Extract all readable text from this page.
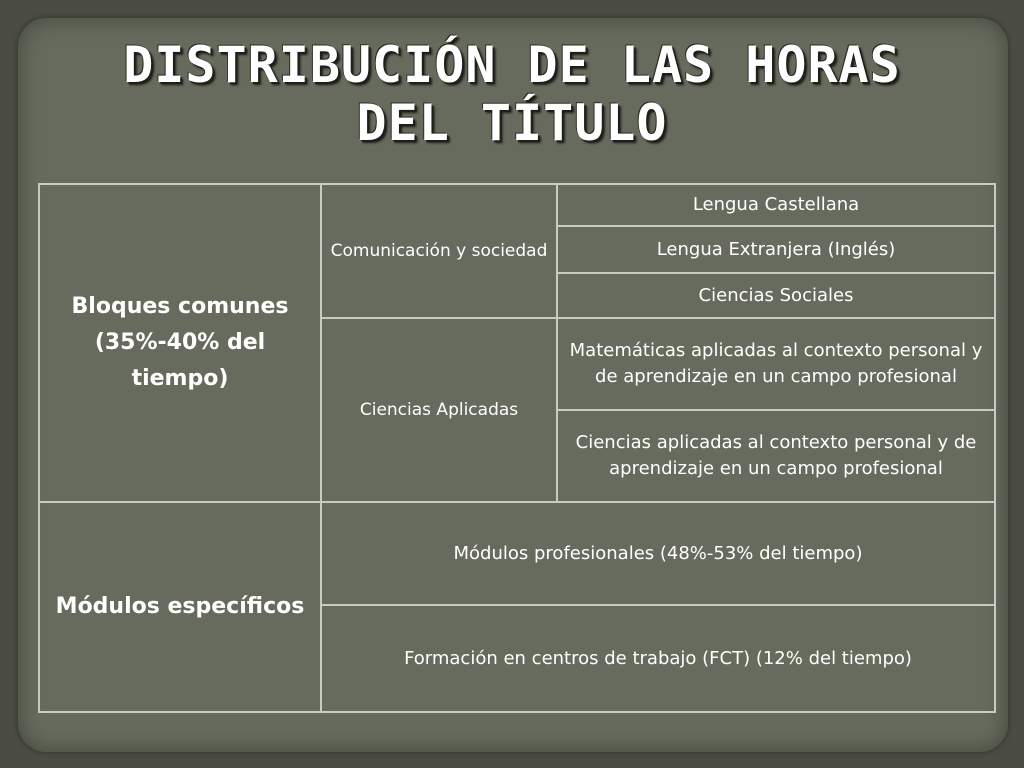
DISTRIBUCIÓN DE LAS HORAS
DEL TÍTULO
Bloques comunes
(35%-40% del tiempo)	Comunicación y sociedad	Lengua Castellana
		Lengua Extranjera (Inglés)
		Ciencias Sociales
	Ciencias Aplicadas	Matemáticas aplicadas al contexto personal y de aprendizaje en un campo profesional
		Ciencias aplicadas al contexto personal y de aprendizaje en un campo profesional
Módulos específicos	Módulos profesionales (48%-53% del tiempo)	
	Formación en centros de trabajo (FCT) (12% del tiempo)	
